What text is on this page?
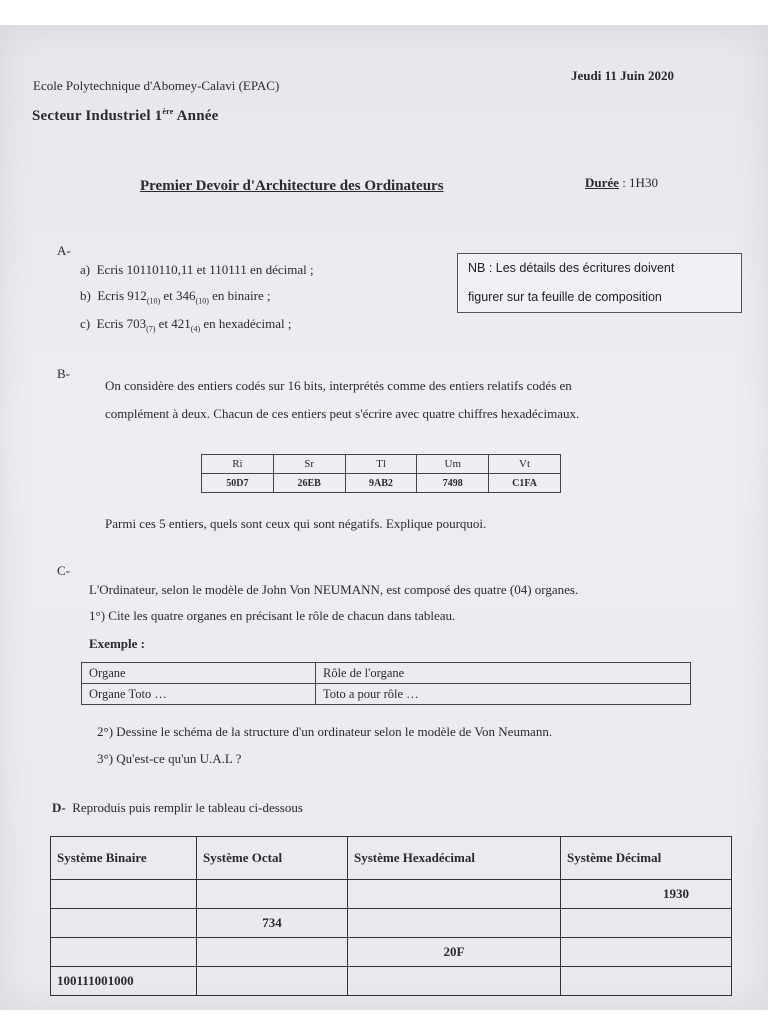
Ecole Polytechnique d'Abomey-Calavi (EPAC)
Jeudi 11 Juin 2020
Secteur Industriel 1ère Année
Premier Devoir d'Architecture des Ordinateurs	Durée : 1H30
A-
a) Ecris 10110110,11 et 110111 en décimal ;
b) Ecris $912_{(10)}$ et $346_{(10)}$ en binaire ;
c) Ecris $703_{(7)}$ et $421_{(4)}$ en hexadécimal ;
NB : Les détails des écritures doivent
figurer sur ta feuille de composition
B-
On considère des entiers codés sur 16 bits, interprétés comme des entiers relatifs codés en
complément à deux. Chacun de ces entiers peut s'écrire avec quatre chiffres hexadécimaux.
Ri	Sr	Tl	Um	Vt
50D7	26EB	9AB2	7498	C1FA
Parmi ces 5 entiers, quels sont ceux qui sont négatifs. Explique pourquoi.
C-
L'Ordinateur, selon le modèle de John Von NEUMANN, est composé des quatre (04) organes.
1°) Cite les quatre organes en précisant le rôle de chacun dans tableau.
Exemple :
Organe	Rôle de l'organe
Organe Toto …	Toto a pour rôle …
2°) Dessine le schéma de la structure d'un ordinateur selon le modèle de Von Neumann.
3°) Qu'est-ce qu'un U.A.L ?
D- Reproduis puis remplir le tableau ci-dessous
Système Binaire	Système Octal	Système Hexadécimal	Système Décimal
			1930
	734		
		20F	
100111001000			
